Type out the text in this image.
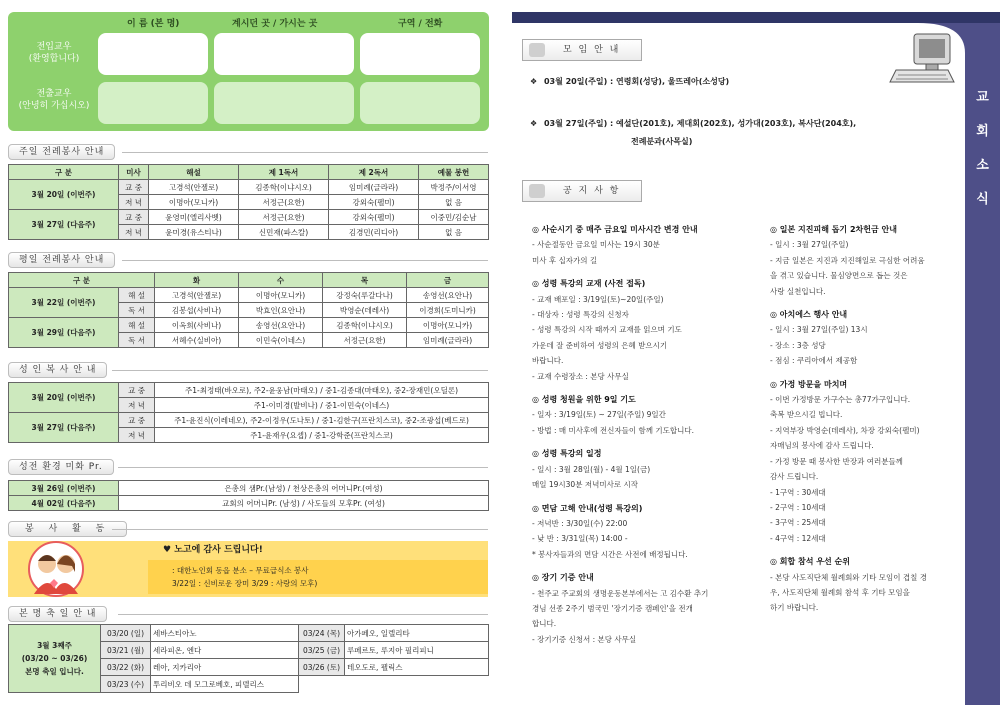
이 름 (본 명)	계시던 곳 / 가시는 곳	구역 / 전화
전입교우
(환영합니다)
전출교우
(안녕히 가십시오)
주일 전례봉사 안내
구 분	미사	해설	제 1독서	제 2독서	예물 봉헌
3월 20일 (이번주)	교 중	고경석(안젤로)	김종학(이냐시오)	임미례(글라라)	박정주/이서영
	저 녁	이명아(모니카)	서정근(요한)	강외숙(펠미)	없 음
3월 27일 (다음주)	교 중	윤영미(엘리사벳)	서정근(요한)	강외숙(펠미)	이중민/김순남
	저 녁	윤미경(유스티나)	신민재(파스칼)	김경민(리디아)	없 음
평일 전례봉사 안내
구 분		화	수	목	금
3월 22일 (이번주)	해 설	고경석(안젤로)	이명아(모니카)	강정숙(루갈다나)	송영선(요안나)
	독 서	김봉섭(사비나)	박효인(요안나)	박영순(데레사)	이경희(도미니카)
3월 29일 (다음주)	해 설	이옥희(사비나)	송영선(요안나)	김종학(이냐시오)	이명아(모니카)
	독 서	서혜수(실비아)	이민숙(이네스)	서정근(요한)	임미례(글라라)
성 인 복 사 안 내
3월 20일 (이번주)	교 중	주1-최정태(바오로), 주2-윤웅남(마태오) / 중1-김종대(마태오), 중2-장재민(오딜론)
	저 녁	주1-이미경(발비나) / 중1-이민숙(이네스)
3월 27일 (다음주)	교 중	주1-윤진식(이레네오), 주2-이정우(도나토) / 중1-김한구(프란치스코), 중2-조광섭(베드로)
	저 녁	주1-윤재우(요셉) / 중1-강학준(프란치스코)
성전 환경 미화 Pr.
3월 26일 (이번주)	은총의 샘Pr.(남성) / 천상은총의 어머니Pr.(여성)
4월 02일 (다음주)	교회의 어머니Pr. (남성) / 사도들의 모후Pr. (여성)
봉 사 활 동
♥ 노고에 감사 드립니다!
: 대한노인회 동읍 분소 – 무료급식소 봉사
3/22일 : 신비로운 장미 3/29 : 사랑의 모후)
본 명 축 일 안 내
3월 3째주
(03/20 ~ 03/26)
본명 축일 입니다.	03/20 (일)	세바스티아노	03/24 (목)	아가페오, 일렐리타
	03/21 (월)	세라피온, 엔다	03/25 (금)	루페르토, 루지아 필리피니
	03/22 (화)	레아, 지카리아	03/26 (토)	테오도로, 펠릭스
	03/23 (수)	투리비오 데 모그로베호, 피델리스		
교
회
소
식
모 임 안 내
❖ 03월 20일(주일) : 연령회(성당), 울뜨레아(소성당)
❖ 03월 27일(주일) : 예설단(201호), 제대회(202호), 성가대(203호), 복사단(204호),
전례분과(사목실)
공 지 사 항
◎ 사순시기 중 매주 금요일 미사시간 변경 안내
- 사순절동안 금요일 미사는 19시 30분
미사 후 십자가의 길
◎ 성령 특강의 교재 (사전 접독)
- 교재 배포일 : 3/19일(토)~20일(주일)
- 대상자 : 성령 특강의 신청자
- 성령 특강의 시작 때까지 교재를 읽으며 기도
가운데 잘 준비하여 성령의 은혜 받으시기
바랍니다.
- 교재 수령장소 : 본당 사무실
◎ 성령 청원을 위한 9일 기도
- 일자 : 3/19일(토) ~ 27일(주일) 9일간
- 방법 : 매 미사후에 전신자들이 함께 기도합니다.
◎ 성령 특강의 일정
- 일시 : 3월 28일(월) - 4월 1일(금)
매일 19시30분 저녁미사로 시작
◎ 면담 고해 안내(성령 특강의)
- 저녁반 : 3/30일(수) 22:00
- 낮 반 : 3/31일(목) 14:00 -
* 봉사자들과의 면담 시간은 사전에 배정됩니다.
◎ 장기 기증 안내
- 천주교 주교회의 생명운동본부에서는 고 김수환 추기
경님 선종 2주기 범국민 '장기기증 캠페인'을 전개
합니다.
- 장기기증 신청서 : 본당 사무실
◎ 일본 지진피해 돕기 2차헌금 안내
- 일시 : 3월 27일(주일)
- 지금 일본은 지진과 지진해일로 극심한 어려움
을 겪고 있습니다. 물심양면으로 돕는 것은
사랑 실천입니다.
◎ 아치에스 행사 안내
- 일시 : 3월 27일(주일) 13시
- 장소 : 3층 성당
- 점심 : 쿠리아에서 제공함
◎ 가정 방문을 마치며
- 이번 가정방문 가구수는 총77가구입니다.
축복 받으시길 빕니다.
- 지역부장 박영순(데레사), 차장 강외숙(펠미)
자매님의 봉사에 감사 드립니다.
- 가정 방문 때 봉사한 반장과 여러분들께
감사 드립니다.
- 1구역 : 30세대
- 2구역 : 10세대
- 3구역 : 25세대
- 4구역 : 12세대
◎ 회합 참석 우선 순위
- 본당 사도직단체 월례회와 기타 모임이 겹칠 경
우, 사도직단체 월례회 참석 후 기타 모임을
하기 바랍니다.
